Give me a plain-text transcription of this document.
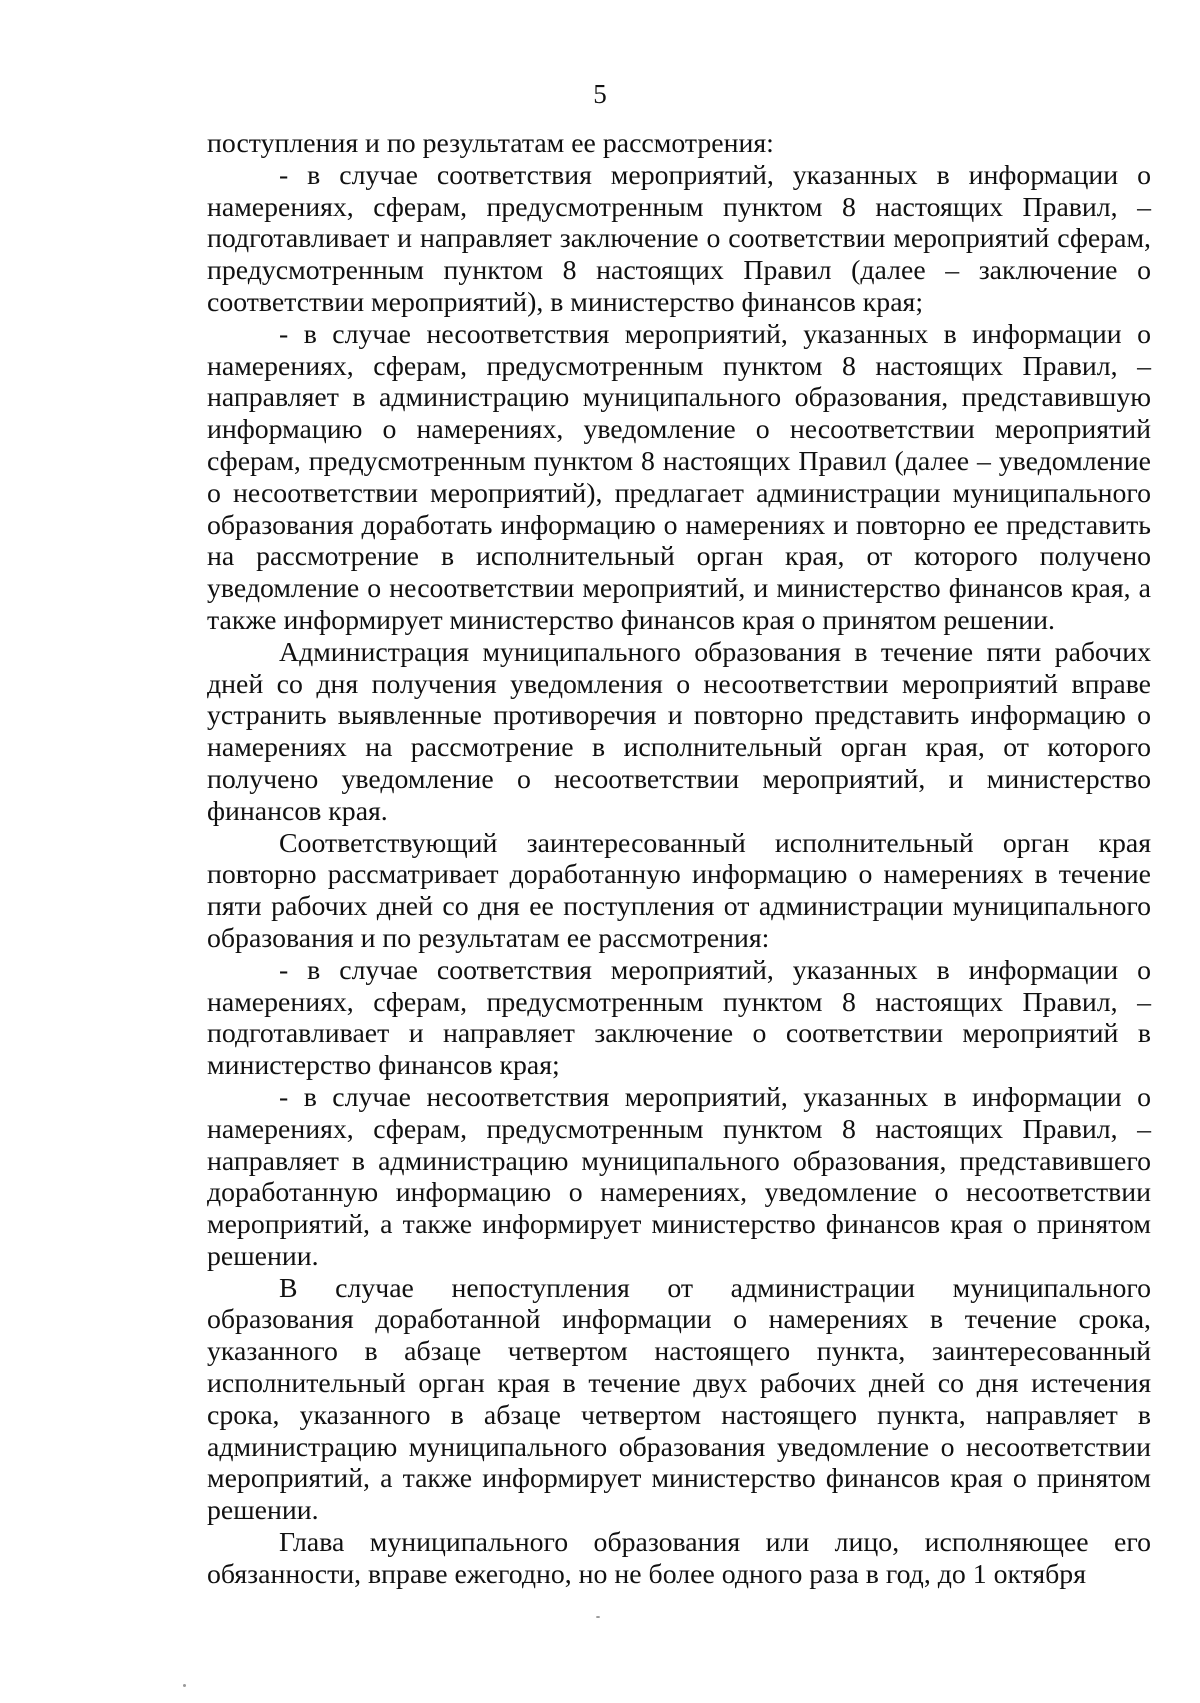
5

поступления и по результатам ее рассмотрения:

- в случае соответствия мероприятий, указанных в информации о намерениях, сферам, предусмотренным пунктом 8 настоящих Правил, – подготавливает и направляет заключение о соответствии мероприятий сферам, предусмотренным пунктом 8 настоящих Правил (далее – заключение о соответствии мероприятий), в министерство финансов края;

- в случае несоответствия мероприятий, указанных в информации о намерениях, сферам, предусмотренным пунктом 8 настоящих Правил, – направляет в администрацию муниципального образования, представившую информацию о намерениях, уведомление о несоответствии мероприятий сферам, предусмотренным пунктом 8 настоящих Правил (далее – уведомление о несоответствии мероприятий), предлагает администрации муниципального образования доработать информацию о намерениях и повторно ее представить на рассмотрение в исполнительный орган края, от которого получено уведомление о несоответствии мероприятий, и министерство финансов края, а также информирует министерство финансов края о принятом решении.

Администрация муниципального образования в течение пяти рабочих дней со дня получения уведомления о несоответствии мероприятий вправе устранить выявленные противоречия и повторно представить информацию о намерениях на рассмотрение в исполнительный орган края, от которого получено уведомление о несоответствии мероприятий, и министерство финансов края.

Соответствующий заинтересованный исполнительный орган края повторно рассматривает доработанную информацию о намерениях в течение пяти рабочих дней со дня ее поступления от администрации муниципального образования и по результатам ее рассмотрения:

- в случае соответствия мероприятий, указанных в информации о намерениях, сферам, предусмотренным пунктом 8 настоящих Правил, – подготавливает и направляет заключение о соответствии мероприятий в министерство финансов края;

- в случае несоответствия мероприятий, указанных в информации о намерениях, сферам, предусмотренным пунктом 8 настоящих Правил, – направляет в администрацию муниципального образования, представившего доработанную информацию о намерениях, уведомление о несоответствии мероприятий, а также информирует министерство финансов края о принятом решении.

В случае непоступления от администрации муниципального образования доработанной информации о намерениях в течение срока, указанного в абзаце четвертом настоящего пункта, заинтересованный исполнительный орган края в течение двух рабочих дней со дня истечения срока, указанного в абзаце четвертом настоящего пункта, направляет в администрацию муниципального образования уведомление о несоответствии мероприятий, а также информирует министерство финансов края о принятом решении.

Глава муниципального образования или лицо, исполняющее его обязанности, вправе ежегодно, но не более одного раза в год, до 1 октября
